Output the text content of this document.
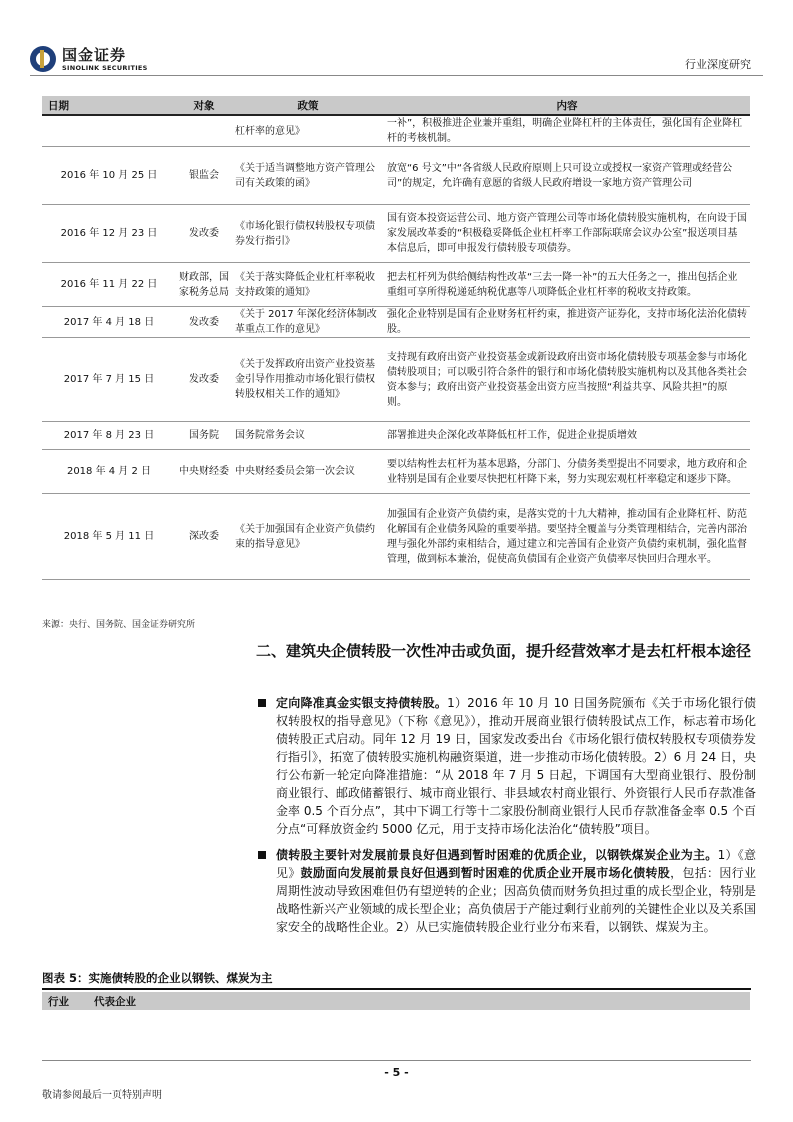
国金证券
SINOLINK SECURITIES	行业深度研究
日期	对象	政策	内容
		杠杆率的意见》	一补”，积极推进企业兼并重组，明确企业降杠杆的主体责任，强化国有企业降杠杆的考核机制。
2016 年 10 月 25 日	银监会	《关于适当调整地方资产管理公司有关政策的函》	放宽“6 号文”中“各省级人民政府原则上只可设立或授权一家资产管理或经营公司”的规定，允许确有意愿的省级人民政府增设一家地方资产管理公司
2016 年 12 月 23 日	发改委	《市场化银行债权转股权专项债券发行指引》	国有资本投资运营公司、地方资产管理公司等市场化债转股实施机构，在向设于国家发展改革委的“积极稳妥降低企业杠杆率工作部际联席会议办公室”报送项目基本信息后，即可申报发行债转股专项债券。
2016 年 11 月 22 日	财政部，国家税务总局	《关于落实降低企业杠杆率税收支持政策的通知》	把去杠杆列为供给侧结构性改革“三去一降一补”的五大任务之一，推出包括企业重组可享所得税递延纳税优惠等八项降低企业杠杆率的税收支持政策。
2017 年 4 月 18 日	发改委	《关于 2017 年深化经济体制改革重点工作的意见》	强化企业特别是国有企业财务杠杆约束，推进资产证券化，支持市场化法治化债转股。
2017 年 7 月 15 日	发改委	《关于发挥政府出资产业投资基金引导作用推动市场化银行债权转股权相关工作的通知》	支持现有政府出资产业投资基金或新设政府出资市场化债转股专项基金参与市场化债转股项目；可以吸引符合条件的银行和市场化债转股实施机构以及其他各类社会资本参与；政府出资产业投资基金出资方应当按照“利益共享、风险共担”的原则。
2017 年 8 月 23 日	国务院	国务院常务会议	部署推进央企深化改革降低杠杆工作，促进企业提质增效
2018 年 4 月 2 日	中央财经委	中央财经委员会第一次会议	要以结构性去杠杆为基本思路，分部门、分债务类型提出不同要求，地方政府和企业特别是国有企业要尽快把杠杆降下来，努力实现宏观杠杆率稳定和逐步下降。
2018 年 5 月 11 日	深改委	《关于加强国有企业资产负债约束的指导意见》	加强国有企业资产负债约束，是落实党的十九大精神，推动国有企业降杠杆、防范化解国有企业债务风险的重要举措。要坚持全覆盖与分类管理相结合，完善内部治理与强化外部约束相结合，通过建立和完善国有企业资产负债约束机制，强化监督管理，做到标本兼治，促使高负债国有企业资产负债率尽快回归合理水平。
来源：央行、国务院、国金证券研究所
二、建筑央企债转股一次性冲击或负面，提升经营效率才是去杠杆根本途径
定向降准真金实银支持债转股。1）2016 年 10 月 10 日国务院颁布《关于市场化银行债权转股权的指导意见》（下称《意见》），推动开展商业银行债转股试点工作，标志着市场化债转股正式启动。同年 12 月 19 日，国家发改委出台《市场化银行债权转股权专项债券发行指引》，拓宽了债转股实施机构融资渠道，进一步推动市场化债转股。2）6 月 24 日，央行公布新一轮定向降准措施：“从 2018 年 7 月 5 日起，下调国有大型商业银行、股份制商业银行、邮政储蓄银行、城市商业银行、非县域农村商业银行、外资银行人民币存款准备金率 0.5 个百分点”，其中下调工行等十二家股份制商业银行人民币存款准备金率 0.5 个百分点“可释放资金约 5000 亿元，用于支持市场化法治化“债转股”项目。
债转股主要针对发展前景良好但遇到暂时困难的优质企业，以钢铁煤炭企业为主。1）《意见》鼓励面向发展前景良好但遇到暂时困难的优质企业开展市场化债转股，包括：因行业周期性波动导致困难但仍有望逆转的企业；因高负债而财务负担过重的成长型企业，特别是战略性新兴产业领域的成长型企业；高负债居于产能过剩行业前列的关键性企业以及关系国家安全的战略性企业。2）从已实施债转股企业行业分布来看，以钢铁、煤炭为主。
图表 5：实施债转股的企业以钢铁、煤炭为主
行业 代表企业
- 5 -
敬请参阅最后一页特别声明
